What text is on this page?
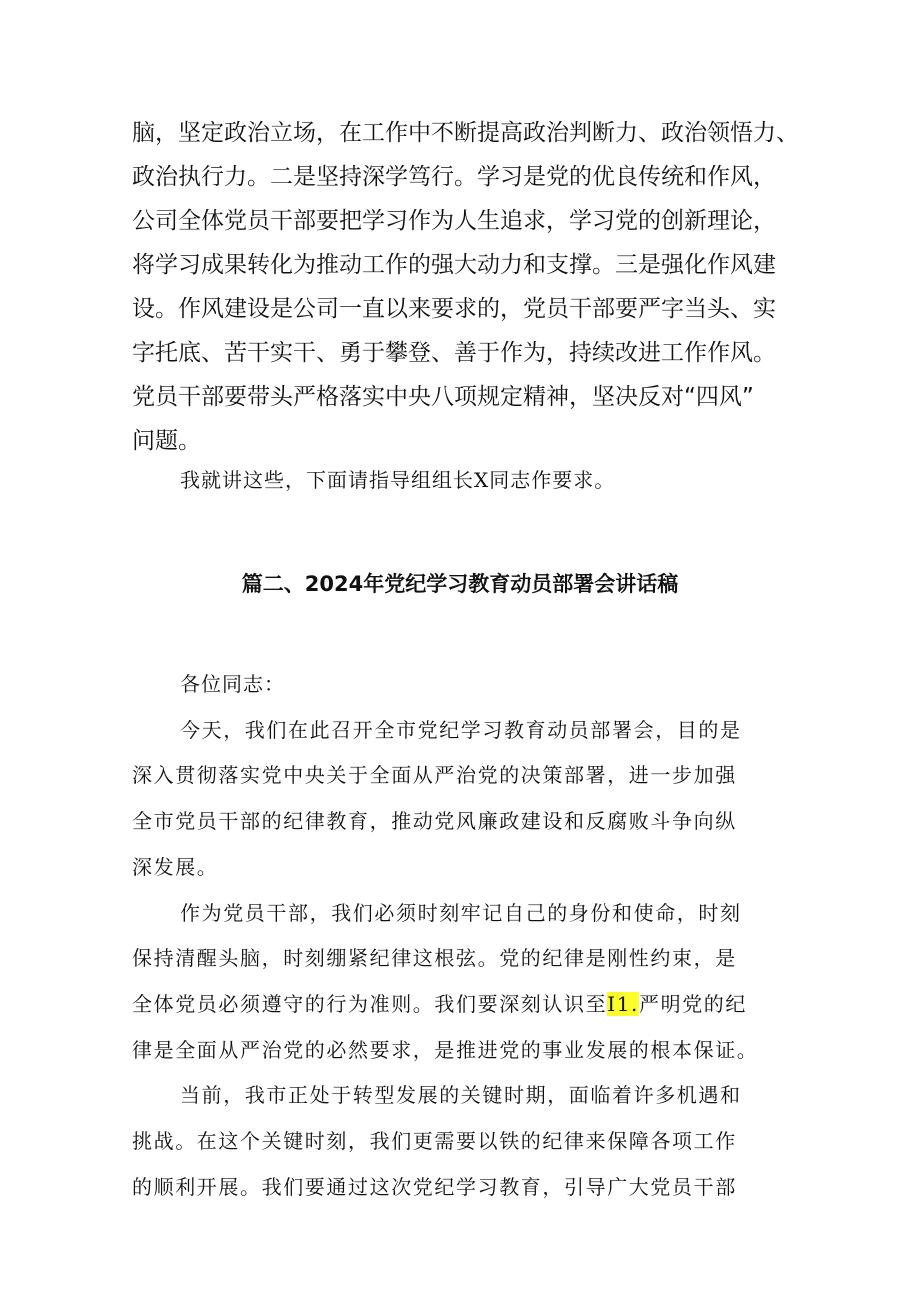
脑，坚定政治立场，在工作中不断提高政治判断力、政治领悟力、

政治执行力。二是坚持深学笃行。学习是党的优良传统和作风，

公司全体党员干部要把学习作为人生追求，学习党的创新理论，

将学习成果转化为推动工作的强大动力和支撑。三是强化作风建

设。作风建设是公司一直以来要求的，党员干部要严字当头、实

字托底、苦干实干、勇于攀登、善于作为，持续改进工作作风。

党员干部要带头严格落实中央八项规定精神，坚决反对“四风”

问题。

我就讲这些，下面请指导组组长X同志作要求。

篇二、2024年党纪学习教育动员部署会讲话稿

各位同志：

今天，我们在此召开全市党纪学习教育动员部署会，目的是
深入贯彻落实党中央关于全面从严治党的决策部署，进一步加强
全市党员干部的纪律教育，推动党风廉政建设和反腐败斗争向纵
深发展。
作为党员干部，我们必须时刻牢记自己的身份和使命，时刻
保持清醒头脑，时刻绷紧纪律这根弦。党的纪律是刚性约束，是
全体党员必须遵守的行为准则。我们要深刻认识至I1.严明党的纪
律是全面从严治党的必然要求，是推进党的事业发展的根本保证。
当前，我市正处于转型发展的关键时期，面临着许多机遇和
挑战。在这个关键时刻，我们更需要以铁的纪律来保障各项工作
的顺利开展。我们要通过这次党纪学习教育，引导广大党员干部
